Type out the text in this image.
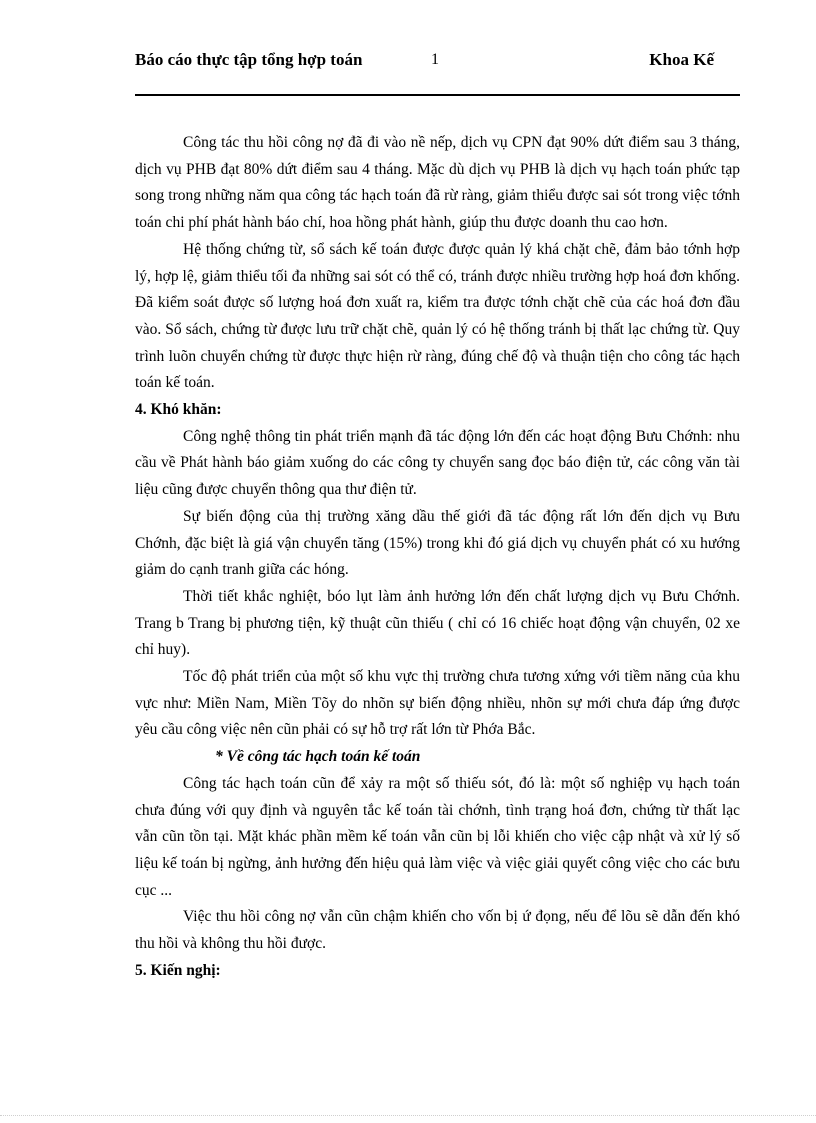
Báo cáo thực tập tổng hợp toán	1	Khoa Kế

Công tác thu hồi công nợ đã đi vào nề nếp, dịch vụ CPN đạt 90% dứt điểm sau 3 tháng, dịch vụ PHB đạt 80% dứt điểm sau 4 tháng. Mặc dù dịch vụ PHB là dịch vụ hạch toán phức tạp song trong những năm qua công tác hạch toán đã rừ ràng, giảm thiểu được sai sót trong việc tớnh toán chi phí phát hành báo chí, hoa hồng phát hành, giúp thu được doanh thu cao hơn.

Hệ thống chứng từ, sổ sách kế toán được được quản lý khá chặt chẽ, đảm bảo tớnh hợp lý, hợp lệ, giảm thiểu tối đa những sai sót có thể có, tránh được nhiều trường hợp hoá đơn khống. Đã kiểm soát được số lượng hoá đơn xuất ra, kiểm tra được tớnh chặt chẽ của các hoá đơn đầu vào. Sổ sách, chứng từ được lưu trữ chặt chẽ, quản lý có hệ thống tránh bị thất lạc chứng từ. Quy trình luõn chuyển chứng từ được thực hiện rừ ràng, đúng chế độ và thuận tiện cho công tác hạch toán kế toán.

4. Khó khăn:

Công nghệ thông tin phát triển mạnh đã tác động lớn đến các hoạt động Bưu Chớnh: nhu cầu về Phát hành báo giảm xuống do các công ty chuyển sang đọc báo điện tử, các công văn tài liệu cũng được chuyển thông qua thư điện tử.

Sự biến động của thị trường xăng dầu thế giới đã tác động rất lớn đến dịch vụ Bưu Chớnh, đặc biệt là giá vận chuyển tăng (15%) trong khi đó giá dịch vụ chuyển phát có xu hướng giảm do cạnh tranh giữa các hóng.

Thời tiết khắc nghiệt, bóo lụt làm ảnh hưởng lớn đến chất lượng dịch vụ Bưu Chớnh. Trang b Trang bị phương tiện, kỹ thuật cũn thiếu ( chỉ có 16 chiếc hoạt động vận chuyển, 02 xe chỉ huy).

Tốc độ phát triển của một số khu vực thị trường chưa tương xứng với tiềm năng của khu vực như: Miền Nam, Miền Tõy do nhõn sự biến động nhiều, nhõn sự mới chưa đáp ứng được yêu cầu công việc nên cũn phải có sự hỗ trợ rất lớn từ Phớa Bắc.

* Về công tác hạch toán kế toán

Công tác hạch toán cũn để xảy ra một số thiếu sót, đó là: một số nghiệp vụ hạch toán chưa đúng với quy định và nguyên tắc kế toán tài chớnh, tình trạng hoá đơn, chứng từ thất lạc vẫn cũn tồn tại. Mặt khác phần mềm kế toán vẫn cũn bị lỗi khiến cho việc cập nhật và xử lý số liệu kế toán bị ngừng, ảnh hưởng đến hiệu quả làm việc và việc giải quyết công việc cho các bưu cục ...

Việc thu hồi công nợ vẫn cũn chậm khiến cho vốn bị ứ đọng, nếu để lõu sẽ dẫn đến khó thu hồi và không thu hồi được.

5. Kiến nghị:
